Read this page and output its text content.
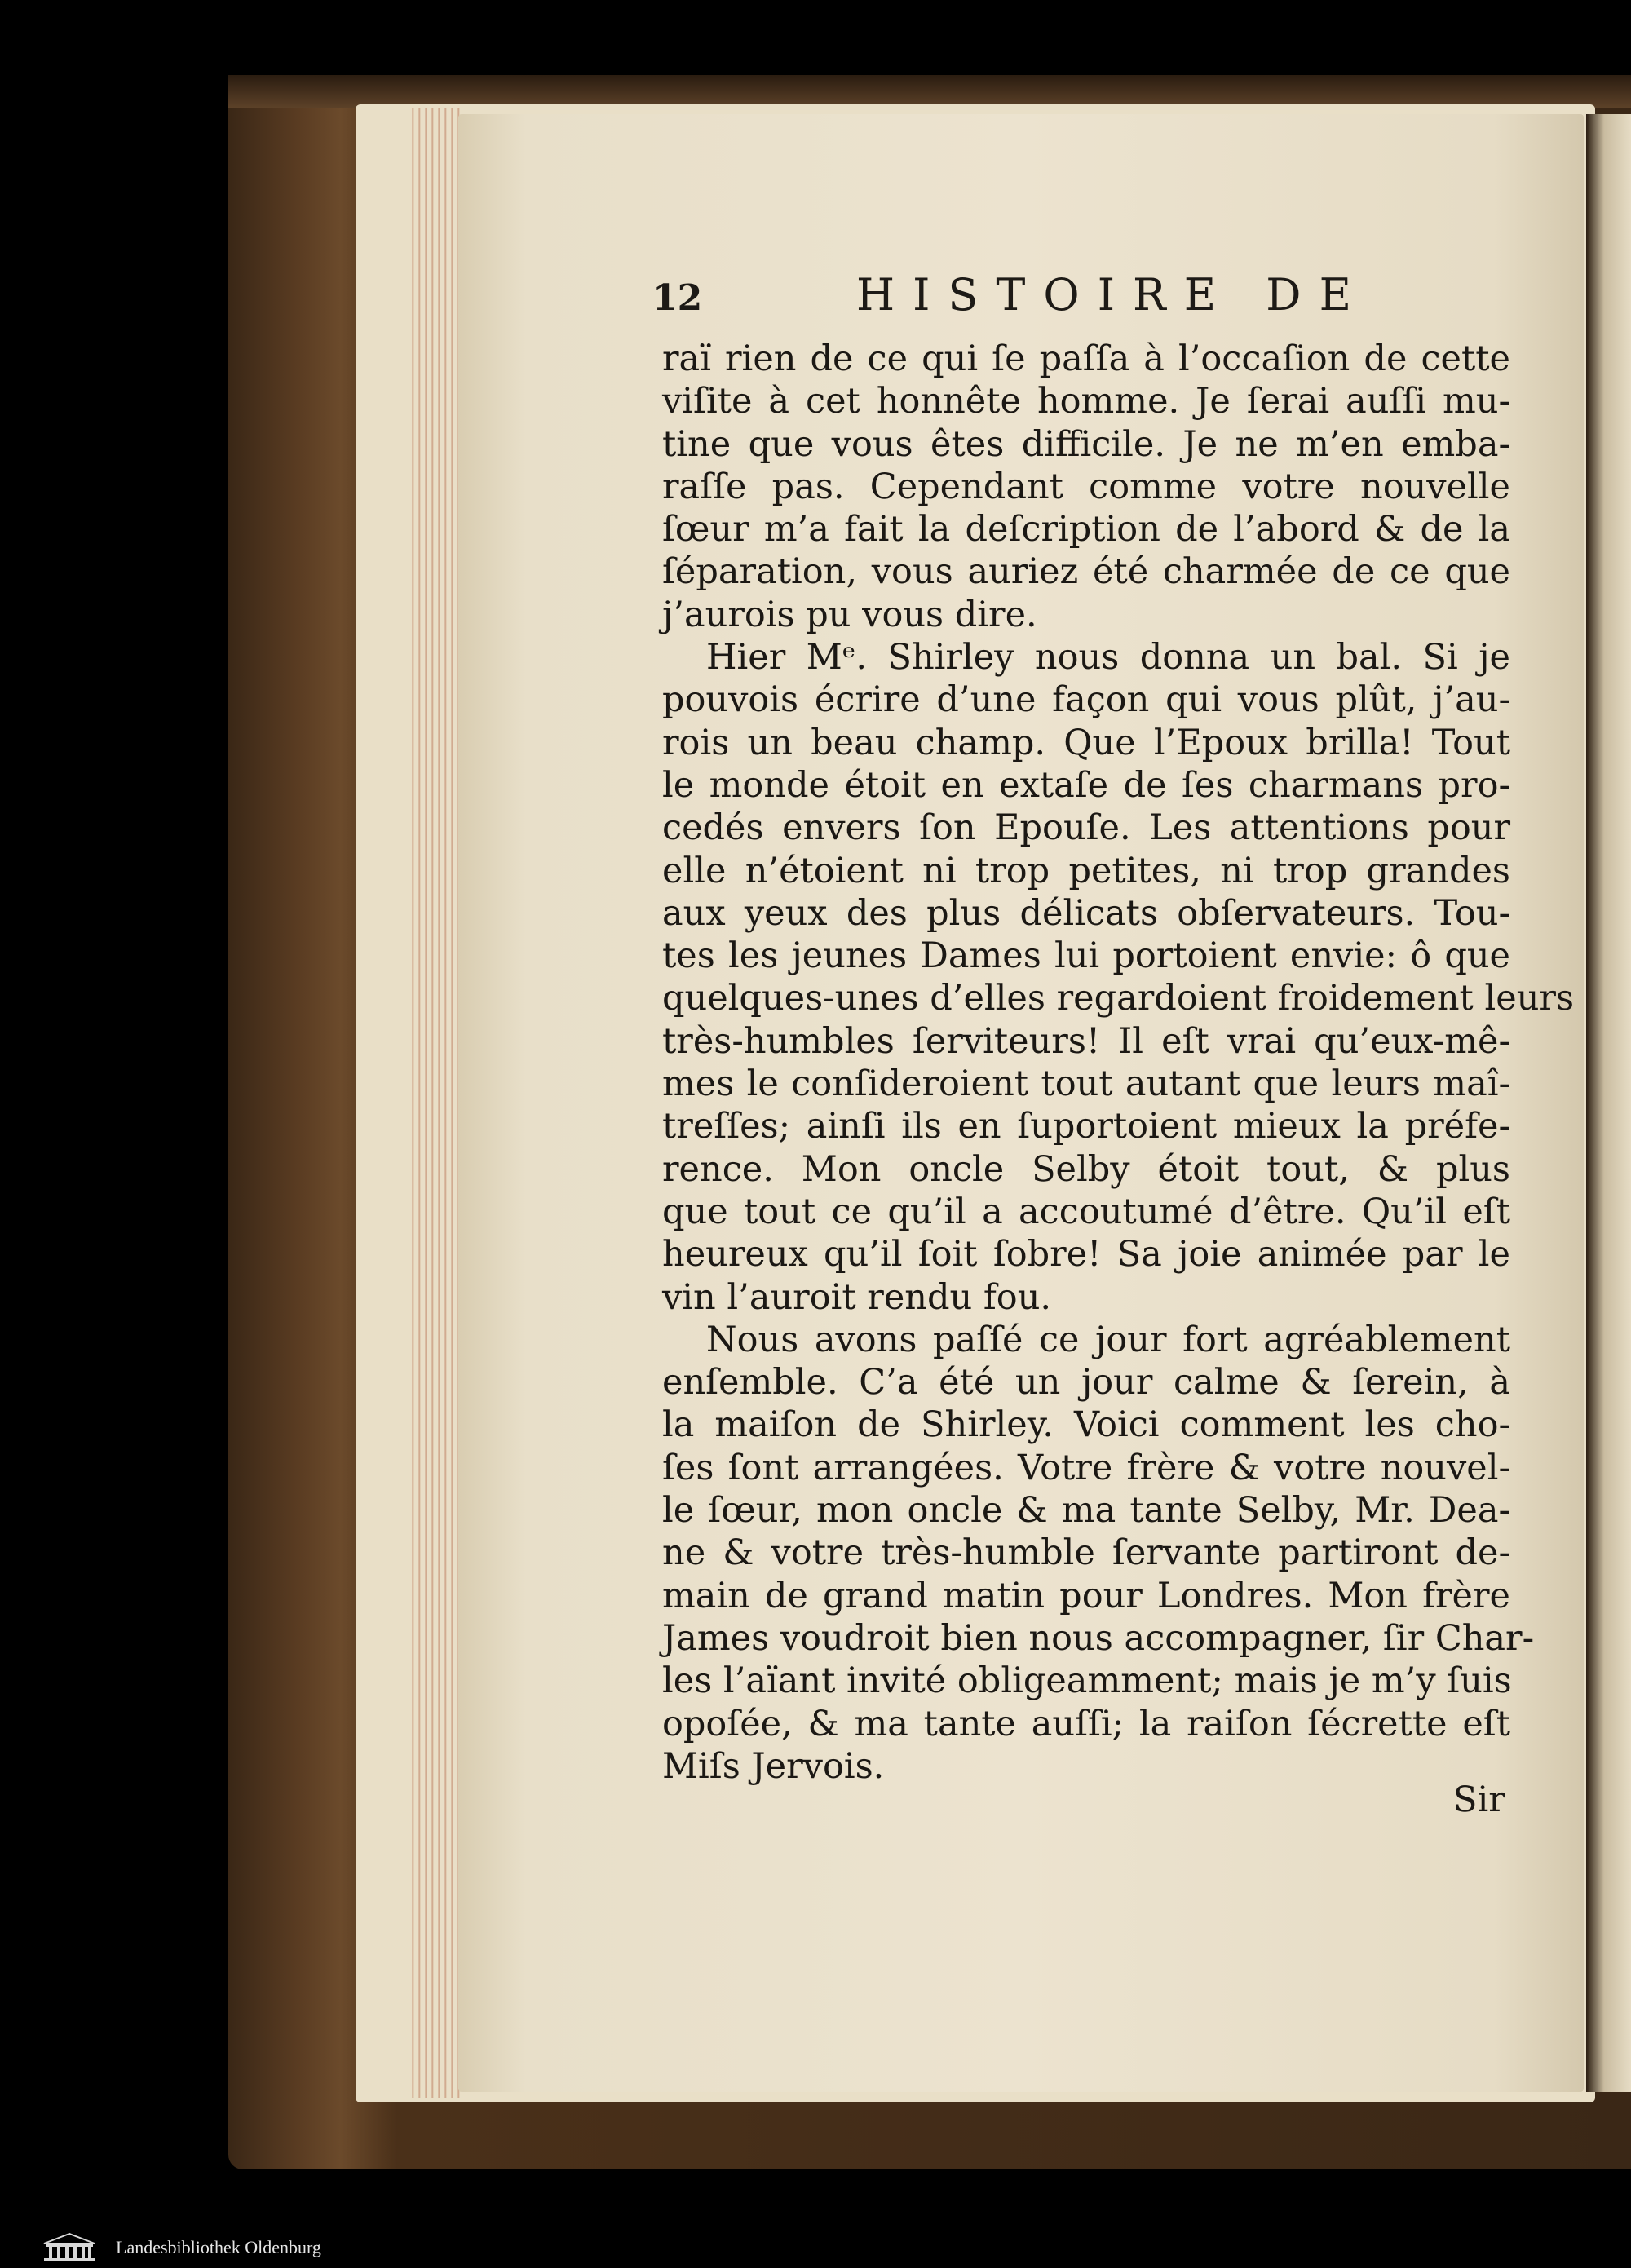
12	HISTOIRE DE
raï rien de ce qui ſe paſſa à l’occaſion de cette
viſite à cet honnête homme. Je ſerai auſſi mu-
tine que vous êtes difficile. Je ne m’en emba-
raſſe pas. Cependant comme votre nouvelle
ſœur m’a fait la deſcription de l’abord & de la
ſéparation, vous auriez été charmée de ce que
j’aurois pu vous dire.
Hier Mᵉ. Shirley nous donna un bal. Si je
pouvois écrire d’une façon qui vous plût, j’au-
rois un beau champ. Que l’Epoux brilla! Tout
le monde étoit en extaſe de ſes charmans pro-
cedés envers ſon Epouſe. Les attentions pour
elle n’étoient ni trop petites, ni trop grandes
aux yeux des plus délicats obſervateurs. Tou-
tes les jeunes Dames lui portoient envie: ô que
quelques-unes d’elles regardoient froidement leurs
très-humbles ſerviteurs! Il eſt vrai qu’eux-mê-
mes le conſideroient tout autant que leurs maî-
treſſes; ainſi ils en ſuportoient mieux la préfe-
rence. Mon oncle Selby étoit tout, & plus
que tout ce qu’il a accoutumé d’être. Qu’il eſt
heureux qu’il ſoit ſobre! Sa joie animée par le
vin l’auroit rendu fou.
Nous avons paſſé ce jour fort agréablement
enſemble. C’a été un jour calme & ſerein, à
la maiſon de Shirley. Voici comment les cho-
ſes ſont arrangées. Votre frère & votre nouvel-
le ſœur, mon oncle & ma tante Selby, Mr. Dea-
ne & votre très-humble ſervante partiront de-
main de grand matin pour Londres. Mon frère
James voudroit bien nous accompagner, ſir Char-
les l’aïant invité obligeamment; mais je m’y ſuis
opoſée, & ma tante auſſi; la raiſon ſécrette eſt
Miſs Jervois.
Sir
Landesbibliothek Oldenburg
